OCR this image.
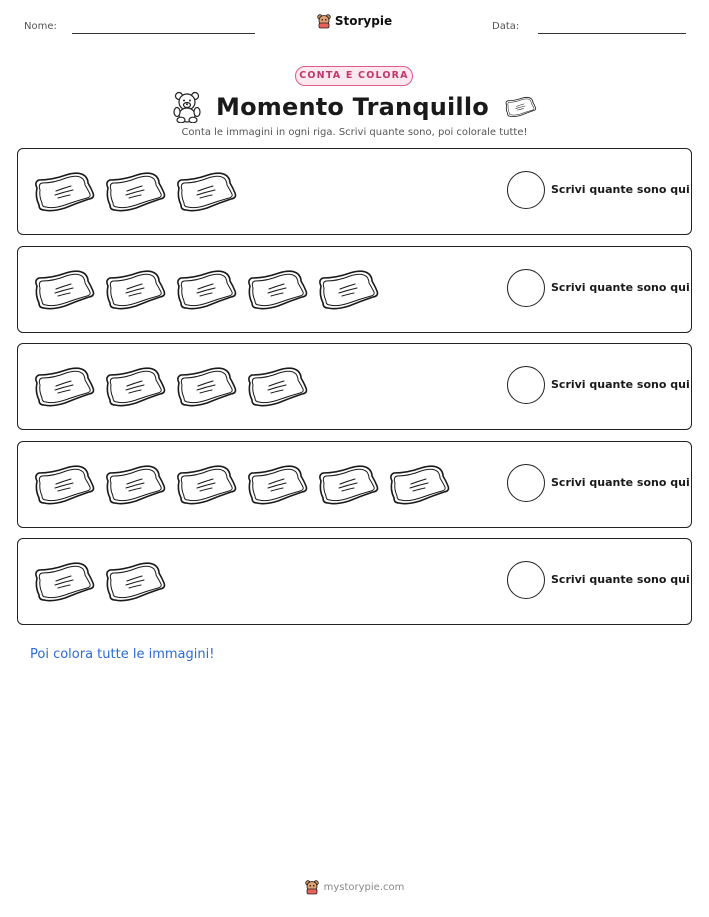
Nome:	Storypie	Data:
CONTA E COLORA
Momento Tranquillo
Conta le immagini in ogni riga. Scrivi quante sono, poi colorale tutte!
Scrivi quante sono qui
Scrivi quante sono qui
Scrivi quante sono qui
Scrivi quante sono qui
Scrivi quante sono qui
Poi colora tutte le immagini!
mystorypie.com
